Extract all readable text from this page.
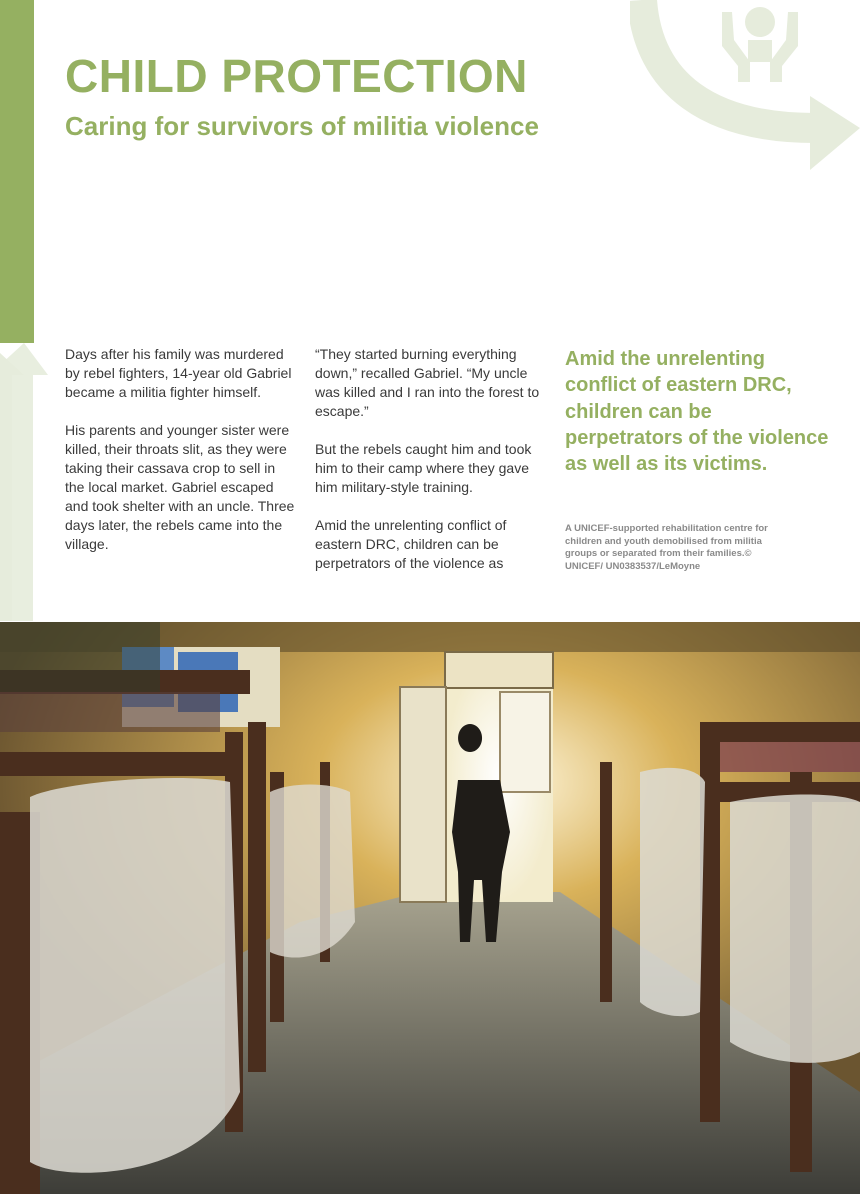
CHILD PROTECTION
Caring for survivors of militia violence

Days after his family was murdered by rebel fighters, 14-year old Gabriel became a militia fighter himself.

His parents and younger sister were killed, their throats slit, as they were taking their cassava crop to sell in the local market. Gabriel escaped and took shelter with an uncle. Three days later, the rebels came into the village.

“They started burning everything down,” recalled Gabriel. “My uncle was killed and I ran into the forest to escape.”

But the rebels caught him and took him to their camp where they gave him military-style training.

Amid the unrelenting conflict of eastern DRC, children can be perpetrators of the violence as

Amid the unrelenting conflict of eastern DRC, children can be perpetrators of the violence as well as its victims.

A UNICEF-supported rehabilitation centre for children and youth demobilised from militia groups or separated from their families.© UNICEF/ UN0383537/LeMoyne
